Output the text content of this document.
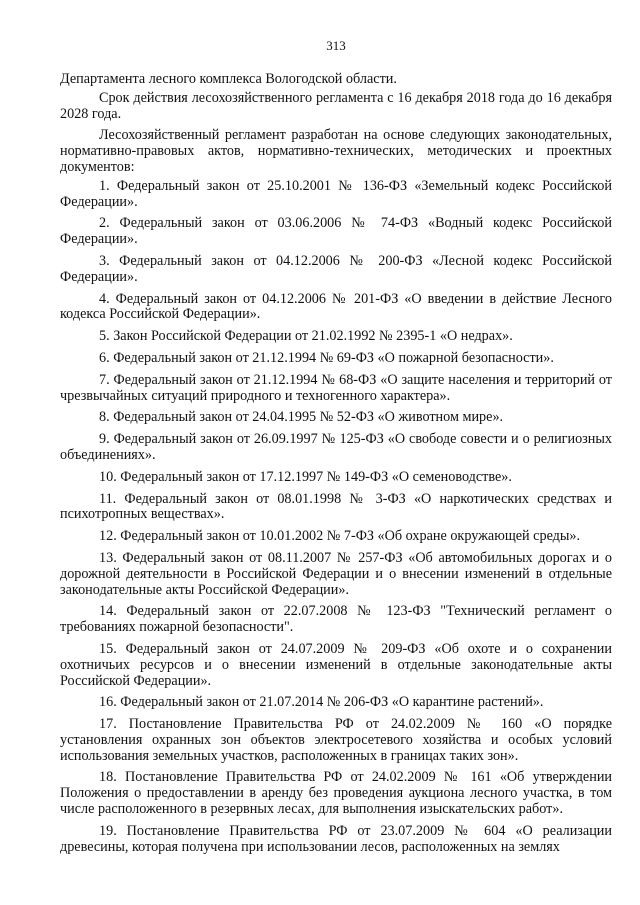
313

Департамента лесного комплекса Вологодской области.

Срок действия лесохозяйственного регламента с 16 декабря 2018 года до 16 декабря 2028 года.

Лесохозяйственный регламент разработан на основе следующих законодательных, нормативно-правовых актов, нормативно-технических, методических и проектных документов:

1. Федеральный закон от 25.10.2001 № 136-ФЗ «Земельный кодекс Российской Федерации».

2. Федеральный закон от 03.06.2006 № 74-ФЗ «Водный кодекс Российской Федерации».

3. Федеральный закон от 04.12.2006 № 200-ФЗ «Лесной кодекс Российской Федерации».

4. Федеральный закон от 04.12.2006 № 201-ФЗ «О введении в действие Лесного кодекса Российской Федерации».

5. Закон Российской Федерации от 21.02.1992 № 2395-1 «О недрах».

6. Федеральный закон от 21.12.1994 № 69-ФЗ «О пожарной безопасности».

7. Федеральный закон от 21.12.1994 № 68-ФЗ «О защите населения и территорий от чрезвычайных ситуаций природного и техногенного характера».

8. Федеральный закон от 24.04.1995 № 52-ФЗ «О животном мире».

9. Федеральный закон от 26.09.1997 № 125-ФЗ «О свободе совести и о религиозных объединениях».

10. Федеральный закон от 17.12.1997 № 149-ФЗ «О семеноводстве».

11. Федеральный закон от 08.01.1998 № 3-ФЗ «О наркотических средствах и психотропных веществах».

12. Федеральный закон от 10.01.2002 № 7-ФЗ «Об охране окружающей среды».

13. Федеральный закон от 08.11.2007 № 257-ФЗ «Об автомобильных дорогах и о дорожной деятельности в Российской Федерации и о внесении изменений в отдельные законодательные акты Российской Федерации».

14. Федеральный закон от 22.07.2008 № 123-ФЗ "Технический регламент о требованиях пожарной безопасности".

15. Федеральный закон от 24.07.2009 № 209-ФЗ «Об охоте и о сохранении охотничьих ресурсов и о внесении изменений в отдельные законодательные акты Российской Федерации».

16. Федеральный закон от 21.07.2014 № 206-ФЗ «О карантине растений».

17. Постановление Правительства РФ от 24.02.2009 № 160 «О порядке установления охранных зон объектов электросетевого хозяйства и особых условий использования земельных участков, расположенных в границах таких зон».

18. Постановление Правительства РФ от 24.02.2009 № 161 «Об утверждении Положения о предоставлении в аренду без проведения аукциона лесного участка, в том числе расположенного в резервных лесах, для выполнения изыскательских работ».

19. Постановление Правительства РФ от 23.07.2009 № 604 «О реализации древесины, которая получена при использовании лесов, расположенных на землях
